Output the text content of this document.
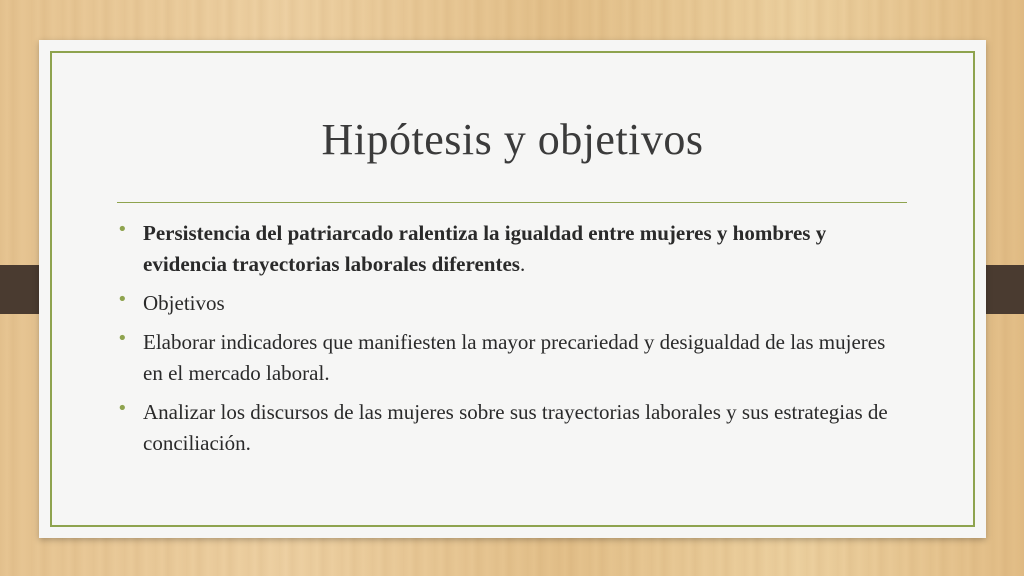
Hipótesis y objetivos
• Persistencia del patriarcado ralentiza la igualdad entre mujeres y hombres y evidencia trayectorias laborales diferentes.
• Objetivos
• Elaborar indicadores que manifiesten la mayor precariedad y desigualdad de las mujeres en el mercado laboral.
• Analizar los discursos de las mujeres sobre sus trayectorias laborales y sus estrategias de conciliación.
